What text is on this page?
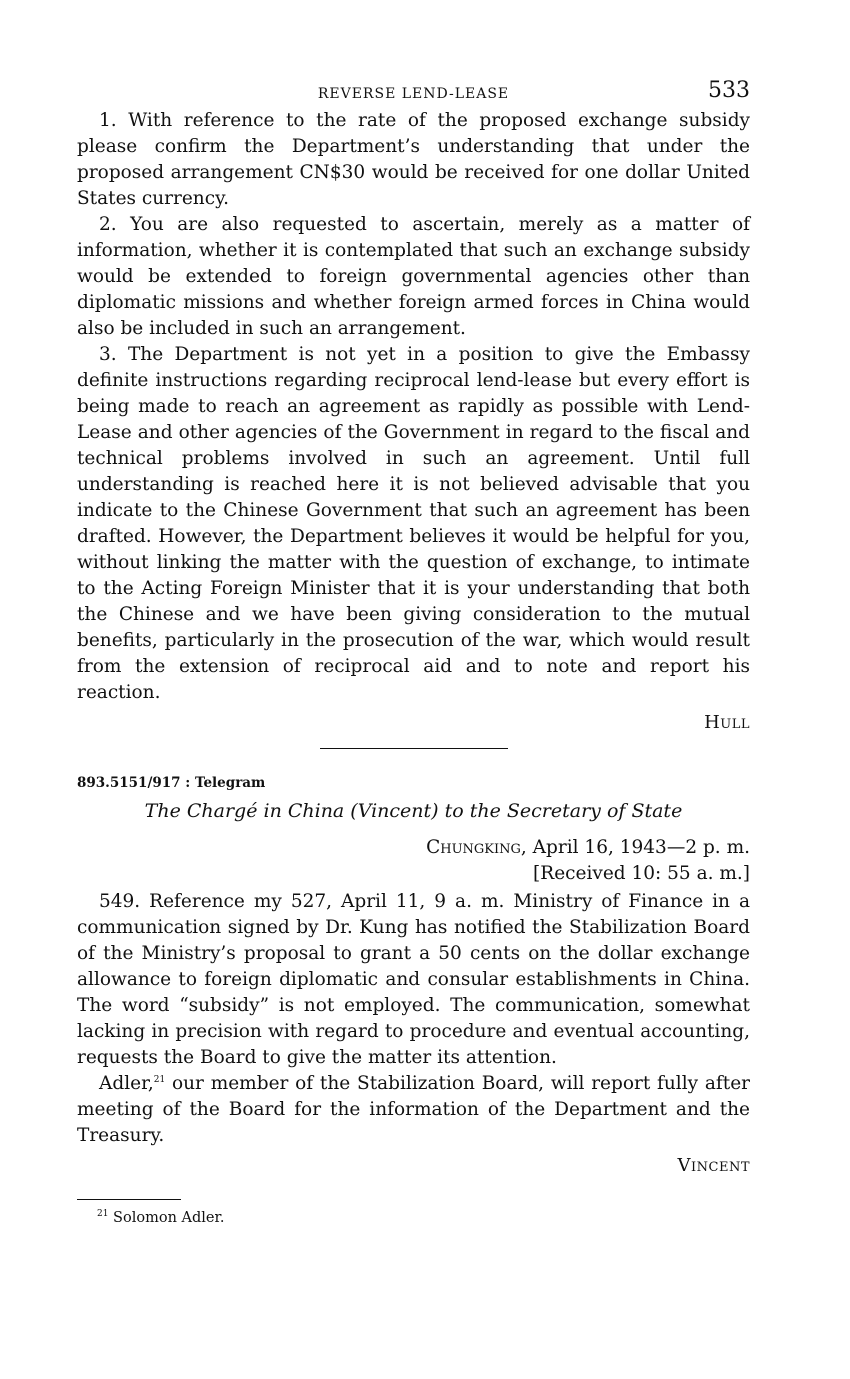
REVERSE LEND-LEASE	533

1. With reference to the rate of the proposed exchange subsidy please confirm the Department’s understanding that under the proposed arrangement CN$30 would be received for one dollar United States currency.

2. You are also requested to ascertain, merely as a matter of information, whether it is contemplated that such an exchange subsidy would be extended to foreign governmental agencies other than diplomatic missions and whether foreign armed forces in China would also be included in such an arrangement.

3. The Department is not yet in a position to give the Embassy definite instructions regarding reciprocal lend-lease but every effort is being made to reach an agreement as rapidly as possible with Lend-Lease and other agencies of the Government in regard to the fiscal and technical problems involved in such an agreement. Until full understanding is reached here it is not believed advisable that you indicate to the Chinese Government that such an agreement has been drafted. However, the Department believes it would be helpful for you, without linking the matter with the question of exchange, to intimate to the Acting Foreign Minister that it is your understanding that both the Chinese and we have been giving consideration to the mutual benefits, particularly in the prosecution of the war, which would result from the extension of reciprocal aid and to note and report his reaction.

Hull
893.5151/917 : Telegram
The Chargé in China (Vincent) to the Secretary of State
Chungking, April 16, 1943—2 p. m.
[Received 10: 55 a. m.]

549. Reference my 527, April 11, 9 a. m. Ministry of Finance in a communication signed by Dr. Kung has notified the Stabilization Board of the Ministry’s proposal to grant a 50 cents on the dollar exchange allowance to foreign diplomatic and consular establishments in China. The word “subsidy” is not employed. The communication, somewhat lacking in precision with regard to procedure and eventual accounting, requests the Board to give the matter its attention.

Adler,$^{21}$ our member of the Stabilization Board, will report fully after meeting of the Board for the information of the Department and the Treasury.

Vincent
$^{21}$ Solomon Adler.
